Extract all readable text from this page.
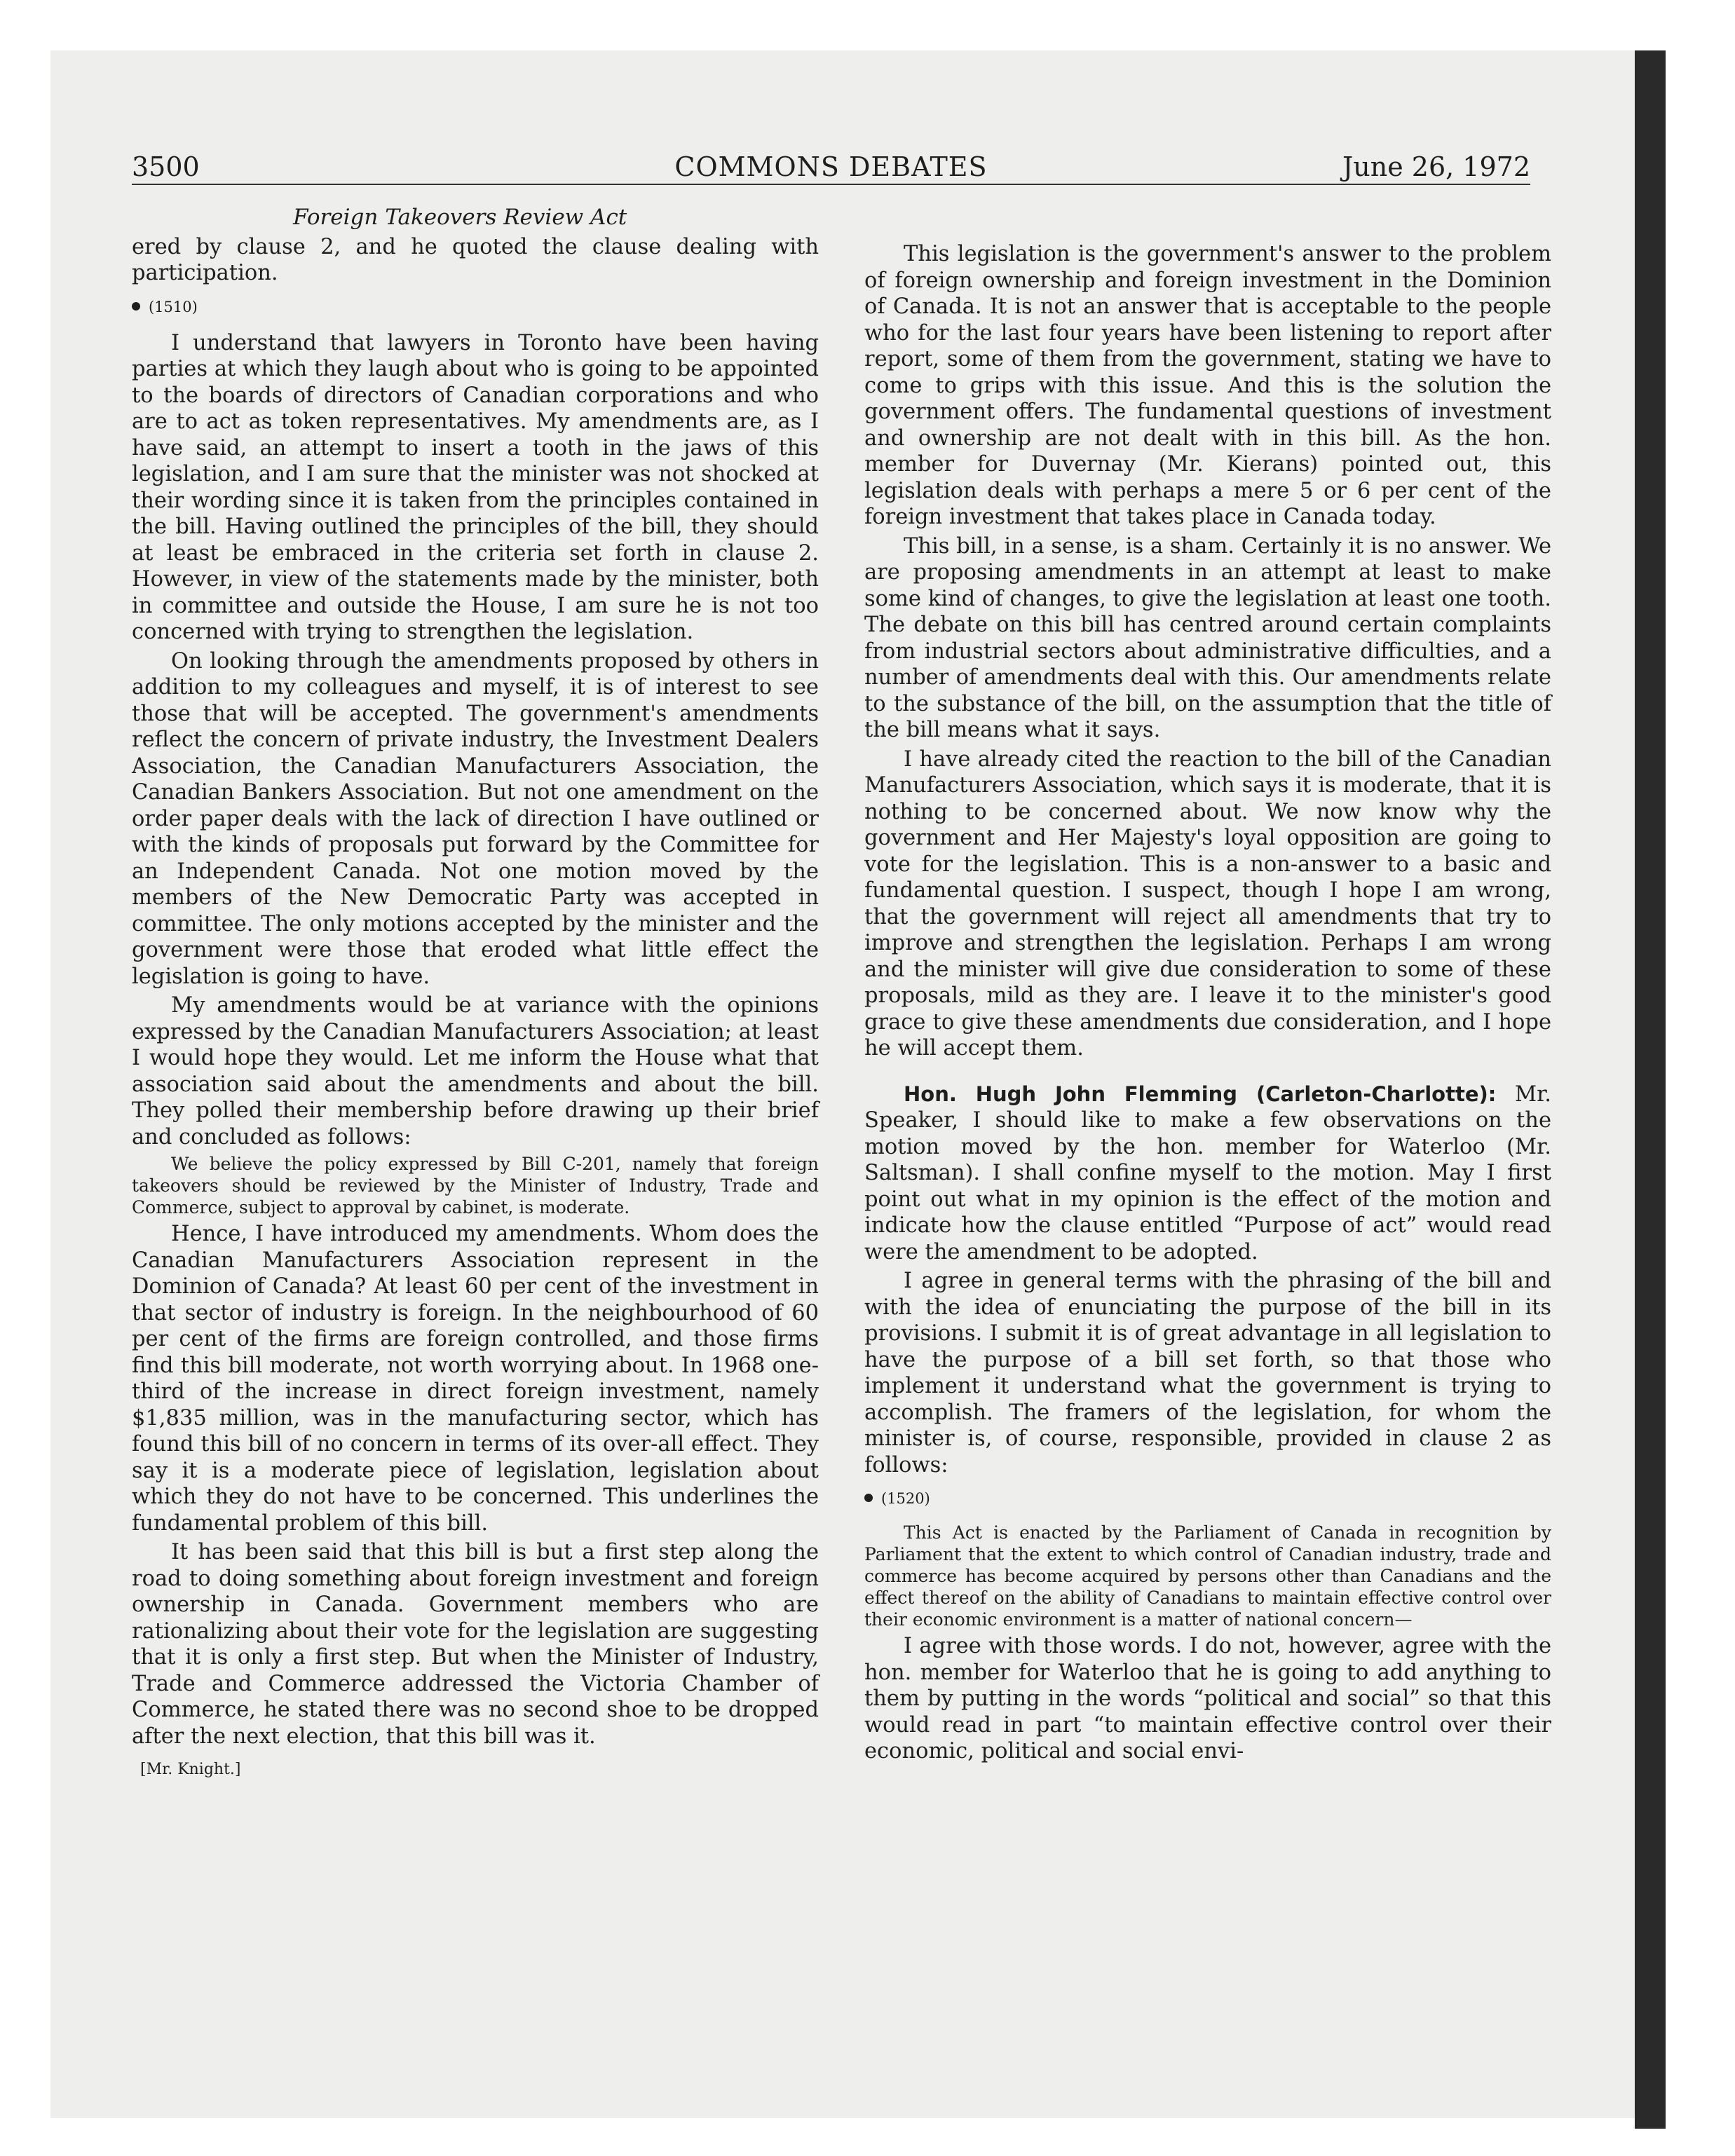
3500	COMMONS DEBATES	June 26, 1972
Foreign Takeovers Review Act

ered by clause 2, and he quoted the clause dealing with participation.

(1510)

I understand that lawyers in Toronto have been having parties at which they laugh about who is going to be appointed to the boards of directors of Canadian corporations and who are to act as token representatives. My amendments are, as I have said, an attempt to insert a tooth in the jaws of this legislation, and I am sure that the minister was not shocked at their wording since it is taken from the principles contained in the bill. Having outlined the principles of the bill, they should at least be embraced in the criteria set forth in clause 2. However, in view of the statements made by the minister, both in committee and outside the House, I am sure he is not too concerned with trying to strengthen the legislation.

On looking through the amendments proposed by others in addition to my colleagues and myself, it is of interest to see those that will be accepted. The government's amendments reflect the concern of private industry, the Investment Dealers Association, the Canadian Manufacturers Association, the Canadian Bankers Association. But not one amendment on the order paper deals with the lack of direction I have outlined or with the kinds of proposals put forward by the Committee for an Independent Canada. Not one motion moved by the members of the New Democratic Party was accepted in committee. The only motions accepted by the minister and the government were those that eroded what little effect the legislation is going to have.

My amendments would be at variance with the opinions expressed by the Canadian Manufacturers Association; at least I would hope they would. Let me inform the House what that association said about the amendments and about the bill. They polled their membership before drawing up their brief and concluded as follows:

We believe the policy expressed by Bill C-201, namely that foreign takeovers should be reviewed by the Minister of Industry, Trade and Commerce, subject to approval by cabinet, is moderate.

Hence, I have introduced my amendments. Whom does the Canadian Manufacturers Association represent in the Dominion of Canada? At least 60 per cent of the investment in that sector of industry is foreign. In the neighbourhood of 60 per cent of the firms are foreign controlled, and those firms find this bill moderate, not worth worrying about. In 1968 one-third of the increase in direct foreign investment, namely $1,835 million, was in the manufacturing sector, which has found this bill of no concern in terms of its over-all effect. They say it is a moderate piece of legislation, legislation about which they do not have to be concerned. This underlines the fundamental problem of this bill.

It has been said that this bill is but a first step along the road to doing something about foreign investment and foreign ownership in Canada. Government members who are rationalizing about their vote for the legislation are suggesting that it is only a first step. But when the Minister of Industry, Trade and Commerce addressed the Victoria Chamber of Commerce, he stated there was no second shoe to be dropped after the next election, that this bill was it.

[Mr. Knight.]

This legislation is the government's answer to the problem of foreign ownership and foreign investment in the Dominion of Canada. It is not an answer that is acceptable to the people who for the last four years have been listening to report after report, some of them from the government, stating we have to come to grips with this issue. And this is the solution the government offers. The fundamental questions of investment and ownership are not dealt with in this bill. As the hon. member for Duvernay (Mr. Kierans) pointed out, this legislation deals with perhaps a mere 5 or 6 per cent of the foreign investment that takes place in Canada today.

This bill, in a sense, is a sham. Certainly it is no answer. We are proposing amendments in an attempt at least to make some kind of changes, to give the legislation at least one tooth. The debate on this bill has centred around certain complaints from industrial sectors about administrative difficulties, and a number of amendments deal with this. Our amendments relate to the substance of the bill, on the assumption that the title of the bill means what it says.

I have already cited the reaction to the bill of the Canadian Manufacturers Association, which says it is moderate, that it is nothing to be concerned about. We now know why the government and Her Majesty's loyal opposition are going to vote for the legislation. This is a non-answer to a basic and fundamental question. I suspect, though I hope I am wrong, that the government will reject all amendments that try to improve and strengthen the legislation. Perhaps I am wrong and the minister will give due consideration to some of these proposals, mild as they are. I leave it to the minister's good grace to give these amendments due consideration, and I hope he will accept them.

Hon. Hugh John Flemming (Carleton-Charlotte): Mr. Speaker, I should like to make a few observations on the motion moved by the hon. member for Waterloo (Mr. Saltsman). I shall confine myself to the motion. May I first point out what in my opinion is the effect of the motion and indicate how the clause entitled “Purpose of act” would read were the amendment to be adopted.

I agree in general terms with the phrasing of the bill and with the idea of enunciating the purpose of the bill in its provisions. I submit it is of great advantage in all legislation to have the purpose of a bill set forth, so that those who implement it understand what the government is trying to accomplish. The framers of the legislation, for whom the minister is, of course, responsible, provided in clause 2 as follows:

(1520)

This Act is enacted by the Parliament of Canada in recognition by Parliament that the extent to which control of Canadian industry, trade and commerce has become acquired by persons other than Canadians and the effect thereof on the ability of Canadians to maintain effective control over their economic environment is a matter of national concern—

I agree with those words. I do not, however, agree with the hon. member for Waterloo that he is going to add anything to them by putting in the words “political and social” so that this would read in part “to maintain effective control over their economic, political and social envi-
